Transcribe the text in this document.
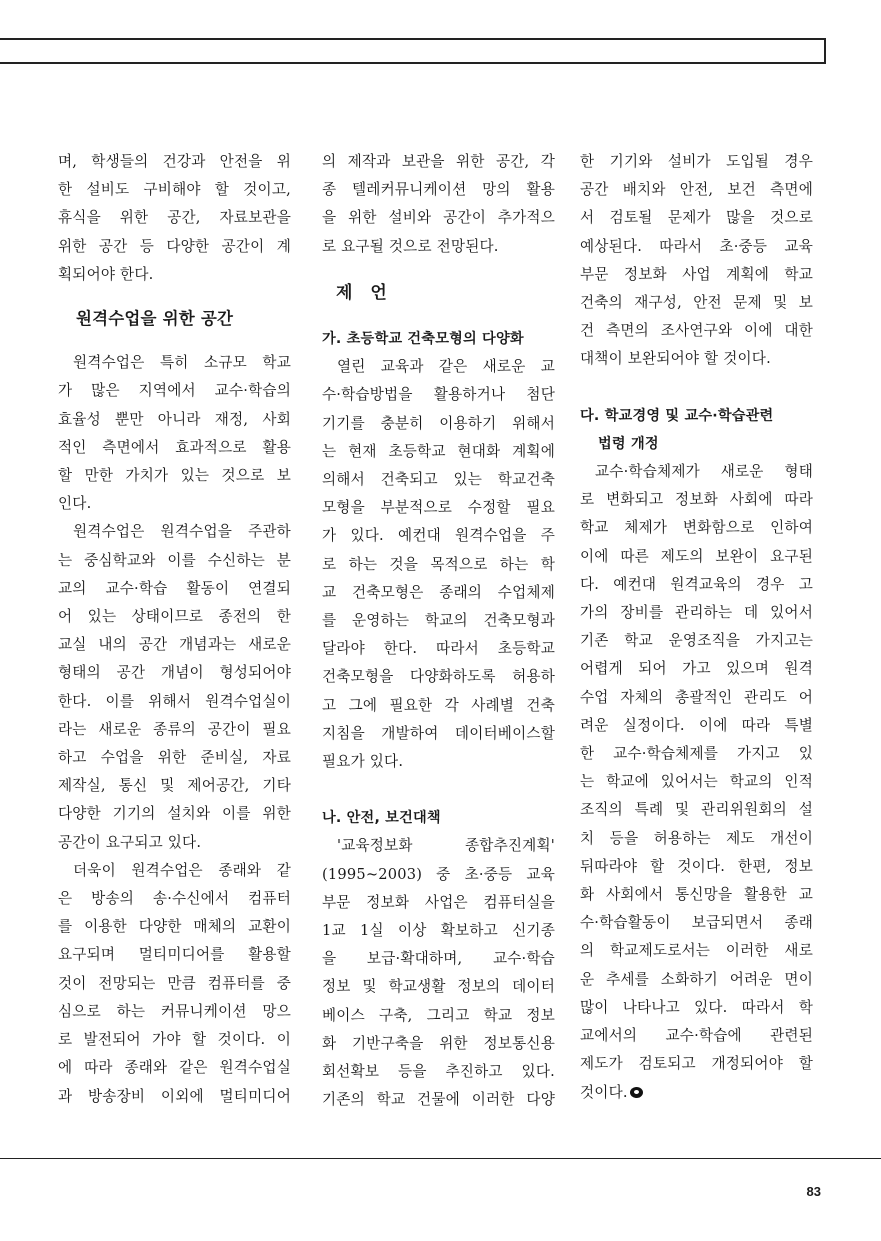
며, 학생들의 건강과 안전을 위
한 설비도 구비해야 할 것이고,
휴식을 위한 공간, 자료보관을
위한 공간 등 다양한 공간이 계
획되어야 한다.
원격수업을 위한 공간
원격수업은 특히 소규모 학교
가 많은 지역에서 교수·학습의
효율성 뿐만 아니라 재정, 사회
적인 측면에서 효과적으로 활용
할 만한 가치가 있는 것으로 보
인다.
원격수업은 원격수업을 주관하
는 중심학교와 이를 수신하는 분
교의 교수·학습 활동이 연결되
어 있는 상태이므로 종전의 한
교실 내의 공간 개념과는 새로운
형태의 공간 개념이 형성되어야
한다. 이를 위해서 원격수업실이
라는 새로운 종류의 공간이 필요
하고 수업을 위한 준비실, 자료
제작실, 통신 및 제어공간, 기타
다양한 기기의 설치와 이를 위한
공간이 요구되고 있다.
더욱이 원격수업은 종래와 같
은 방송의 송·수신에서 컴퓨터
를 이용한 다양한 매체의 교환이
요구되며 멀티미디어를 활용할
것이 전망되는 만큼 컴퓨터를 중
심으로 하는 커뮤니케이션 망으
로 발전되어 가야 할 것이다. 이
에 따라 종래와 같은 원격수업실
과 방송장비 이외에 멀티미디어
의 제작과 보관을 위한 공간, 각
종 텔레커뮤니케이션 망의 활용
을 위한 설비와 공간이 추가적으
로 요구될 것으로 전망된다.
제 언
가. 초등학교 건축모형의 다양화
열린 교육과 같은 새로운 교
수·학습방법을 활용하거나 첨단
기기를 충분히 이용하기 위해서
는 현재 초등학교 현대화 계획에
의해서 건축되고 있는 학교건축
모형을 부분적으로 수정할 필요
가 있다. 예컨대 원격수업을 주
로 하는 것을 목적으로 하는 학
교 건축모형은 종래의 수업체제
를 운영하는 학교의 건축모형과
달라야 한다. 따라서 초등학교
건축모형을 다양화하도록 허용하
고 그에 필요한 각 사례별 건축
지침을 개발하여 데이터베이스할
필요가 있다.
나. 안전, 보건대책
'교육정보화 종합추진계획'
(1995~2003) 중 초·중등 교육
부문 정보화 사업은 컴퓨터실을
1교 1실 이상 확보하고 신기종
을 보급·확대하며, 교수·학습
정보 및 학교생활 정보의 데이터
베이스 구축, 그리고 학교 정보
화 기반구축을 위한 정보통신용
회선확보 등을 추진하고 있다.
기존의 학교 건물에 이러한 다양
한 기기와 설비가 도입될 경우
공간 배치와 안전, 보건 측면에
서 검토될 문제가 많을 것으로
예상된다. 따라서 초·중등 교육
부문 정보화 사업 계획에 학교
건축의 재구성, 안전 문제 및 보
건 측면의 조사연구와 이에 대한
대책이 보완되어야 할 것이다.
다. 학교경영 및 교수·학습관련
법령 개정
교수·학습체제가 새로운 형태
로 변화되고 정보화 사회에 따라
학교 체제가 변화함으로 인하여
이에 따른 제도의 보완이 요구된
다. 예컨대 원격교육의 경우 고
가의 장비를 관리하는 데 있어서
기존 학교 운영조직을 가지고는
어렵게 되어 가고 있으며 원격
수업 자체의 총괄적인 관리도 어
려운 실정이다. 이에 따라 특별
한 교수·학습체제를 가지고 있
는 학교에 있어서는 학교의 인적
조직의 특례 및 관리위원회의 설
치 등을 허용하는 제도 개선이
뒤따라야 할 것이다. 한편, 정보
화 사회에서 통신망을 활용한 교
수·학습활동이 보급되면서 종래
의 학교제도로서는 이러한 새로
운 추세를 소화하기 어려운 면이
많이 나타나고 있다. 따라서 학
교에서의 교수·학습에 관련된
제도가 검토되고 개정되어야 할
것이다.
83
